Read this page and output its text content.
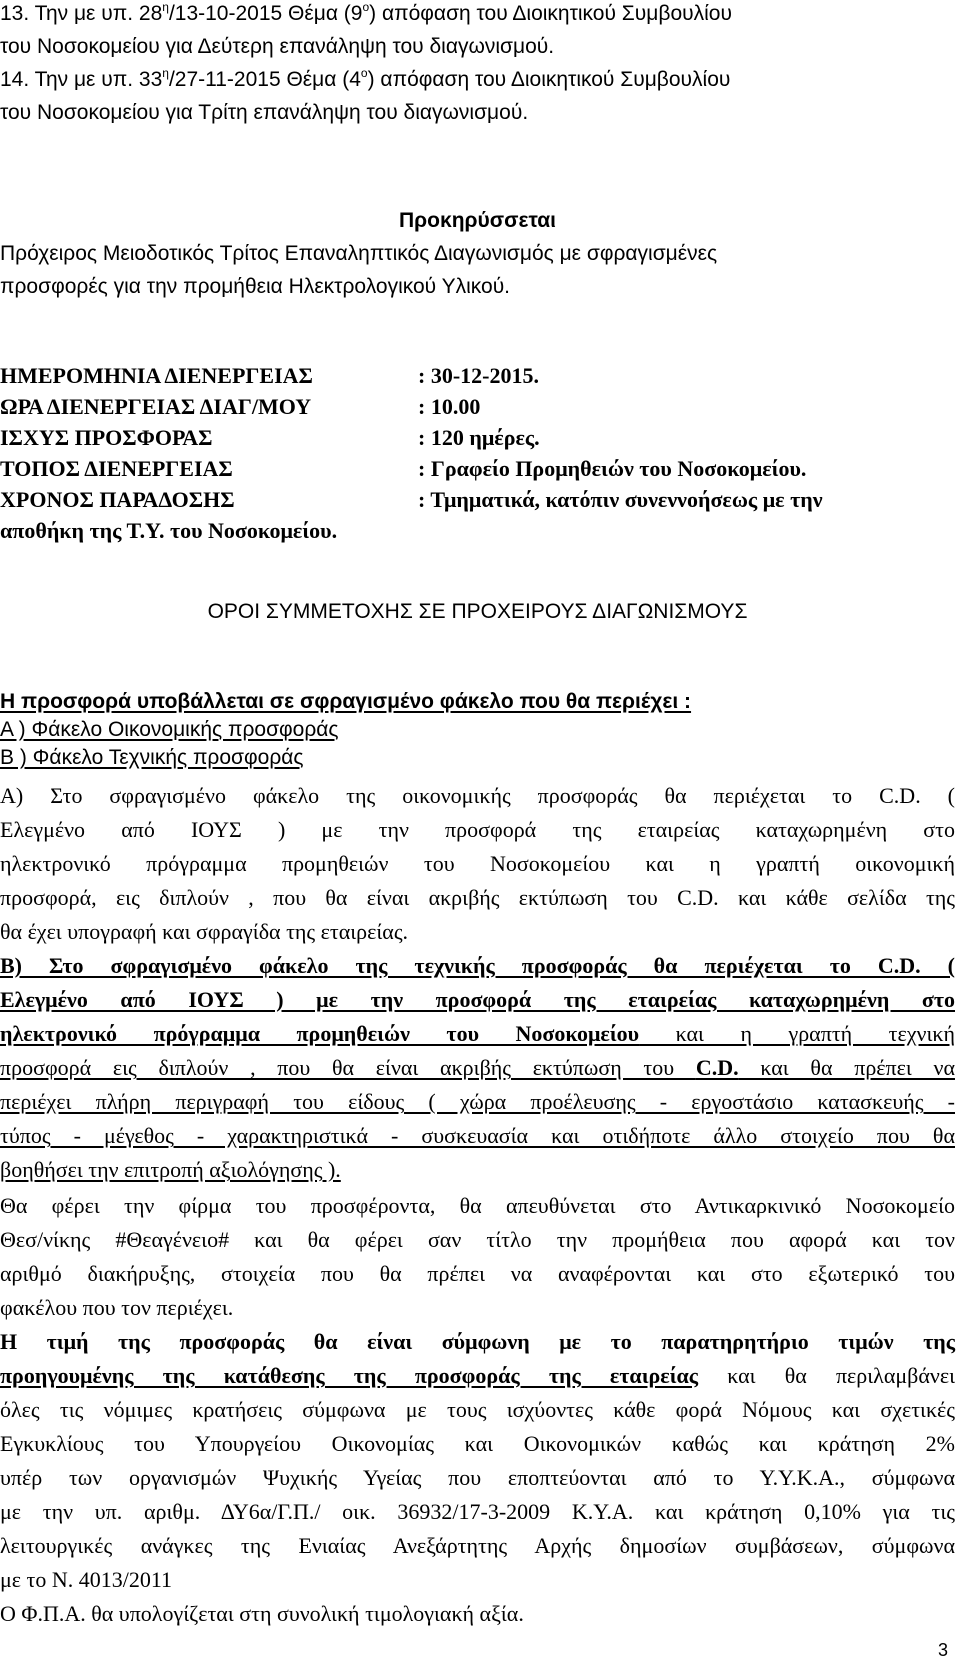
13. Την με υπ. $28^\eta/13-10-2015$ Θέμα $(9^o)$ απόφαση του Διοικητικού Συμβουλίου
του Νοσοκομείου για Δεύτερη επανάληψη του διαγωνισμού.
14. Την με υπ. $33^\eta/27-11-2015$ Θέμα $(4^o)$ απόφαση του Διοικητικού Συμβουλίου
του Νοσοκομείου για Τρίτη επανάληψη του διαγωνισμού.
Προκηρύσσεται
Πρόχειρος Μειοδοτικός Τρίτος Επαναληπτικός Διαγωνισμός με σφραγισμένες
προσφορές για την προμήθεια Ηλεκτρολογικού Υλικού.
ΗΜΕΡΟΜΗΝΙΑ ΔΙΕΝΕΡΓΕΙΑΣ	: 30-12-2015.
ΩΡΑ ΔΙΕΝΕΡΓΕΙΑΣ ΔΙΑΓ/ΜΟΥ	: 10.00
ΙΣΧΥΣ ΠΡΟΣΦΟΡΑΣ	: 120 ημέρες.
ΤΟΠΟΣ ΔΙΕΝΕΡΓΕΙΑΣ	: Γραφείο Προμηθειών του Νοσοκομείου.
ΧΡΟΝΟΣ ΠΑΡΑΔΟΣΗΣ	: Τμηματικά, κατόπιν συνεννοήσεως με την
αποθήκη της Τ.Υ. του Νοσοκομείου.
ΟΡΟΙ ΣΥΜΜΕΤΟΧΗΣ ΣΕ ΠΡΟΧΕΙΡΟΥΣ ΔΙΑΓΩΝΙΣΜΟΥΣ
Η προσφορά υποβάλλεται σε σφραγισμένο φάκελο που θα περιέχει :
Α ) Φάκελο Οικονομικής προσφοράς
Β ) Φάκελο Τεχνικής προσφοράς
Α) Στο σφραγισμένο φάκελο της οικονομικής προσφοράς θα περιέχεται το C.D. (
Ελεγμένο από ΙΟΥΣ ) με την προσφορά της εταιρείας καταχωρημένη στο
ηλεκτρονικό πρόγραμμα προμηθειών του Νοσοκομείου και η γραπτή οικονομική
προσφορά, εις διπλούν , που θα είναι ακριβής εκτύπωση του C.D. και κάθε σελίδα της
θα έχει υπογραφή και σφραγίδα της εταιρείας.
Β) Στο σφραγισμένο φάκελο της τεχνικής προσφοράς θα περιέχεται το C.D. (
Ελεγμένο από ΙΟΥΣ ) με την προσφορά της εταιρείας καταχωρημένη στο
ηλεκτρονικό πρόγραμμα προμηθειών του Νοσοκομείου και η γραπτή τεχνική
προσφορά εις διπλούν , που θα είναι ακριβής εκτύπωση του C.D. και θα πρέπει να
περιέχει πλήρη περιγραφή του είδους ( χώρα προέλευσης - εργοστάσιο κατασκευής -
τύπος - μέγεθος - χαρακτηριστικά - συσκευασία και οτιδήποτε άλλο στοιχείο που θα
βοηθήσει την επιτροπή αξιολόγησης ).
Θα φέρει την φίρμα του προσφέροντα, θα απευθύνεται στο Αντικαρκινικό Νοσοκομείο
Θεσ/νίκης #Θεαγένειο# και θα φέρει σαν τίτλο την προμήθεια που αφορά και τον
αριθμό διακήρυξης, στοιχεία που θα πρέπει να αναφέρονται και στο εξωτερικό του
φακέλου που τον περιέχει.
Η τιμή της προσφοράς θα είναι σύμφωνη με το παρατηρητήριο τιμών της
προηγουμένης της κατάθεσης της προσφοράς της εταιρείας και θα περιλαμβάνει
όλες τις νόμιμες κρατήσεις σύμφωνα με τους ισχύοντες κάθε φορά Νόμους και σχετικές
Εγκυκλίους του Υπουργείου Οικονομίας και Οικονομικών καθώς και κράτηση 2%
υπέρ των οργανισμών Ψυχικής Υγείας που εποπτεύονται από το Υ.Υ.Κ.Α., σύμφωνα
με την υπ. αριθμ. ΔΥ6α/Γ.Π./ οικ. 36932/17-3-2009 Κ.Υ.Α. και κράτηση 0,10% για τις
λειτουργικές ανάγκες της Ενιαίας Ανεξάρτητης Αρχής δημοσίων συμβάσεων, σύμφωνα
με το Ν. 4013/2011
Ο Φ.Π.Α. θα υπολογίζεται στη συνολική τιμολογιακή αξία.
3
